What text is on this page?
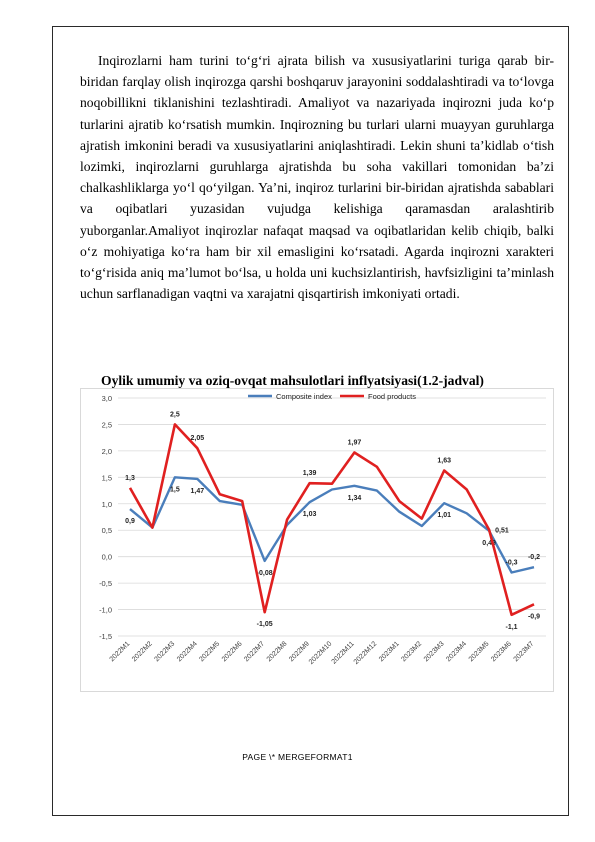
Inqirozlarni ham turini to‘g‘ri ajrata bilish va xususiyatlarini turiga qarab bir-biridan farqlay olish inqirozga qarshi boshqaruv jarayonini soddalashtiradi va to‘lovga noqobillikni tiklanishini tezlashtiradi. Amaliyot va nazariyada inqirozni juda ko‘p turlarini ajratib ko‘rsatish mumkin. Inqirozning bu turlari ularni muayyan guruhlarga ajratish imkonini beradi va xususiyatlarini aniqlashtiradi. Lekin shuni ta’kidlab o‘tish lozimki, inqirozlarni guruhlarga ajratishda bu soha vakillari tomonidan ba’zi chalkashliklarga yo‘l qo‘yilgan. Ya’ni, inqiroz turlarini bir-biridan ajratishda sabablari va oqibatlari yuzasidan vujudga kelishiga qaramasdan aralashtirib yuborganlar.Amaliyot inqirozlar nafaqat maqsad va oqibatlaridan kelib chiqib, balki o‘z mohiyatiga ko‘ra ham bir xil emasligini ko‘rsatadi. Agarda inqirozni xarakteri to‘g‘risida aniq ma’lumot bo‘lsa, u holda uni kuchsizlantirish, havfsizligini ta’minlash uchun sarflanadigan vaqtni va xarajatni qisqartirish imkoniyati ortadi.

Oylik umumiy va oziq-ovqat mahsulotlari inflyatsiyasi(1.2-jadval)

3,0
2,5
2,0
1,5
1,0
0,5
0,0
-0,5
-1,0
-1,5
2022M1 2022M2 2022M3 2022M4 2022M5 2022M6 2022M7 2022M8 2022M9
2022M10
2022M11
2022M12 2023M1 2023M2 2023M3 2023M4 2023M5 2023M6 2023M7
Composite index	Food products
0,9
1,5 1,47
-0,08
1,03
1,34
1,01
0,49
-0,3
-0,2
1,3
2,5
2,05
-1,05
1,39
1,97
1,63
0,51
-1,1
-0,9
PAGE \* MERGEFORMAT1
